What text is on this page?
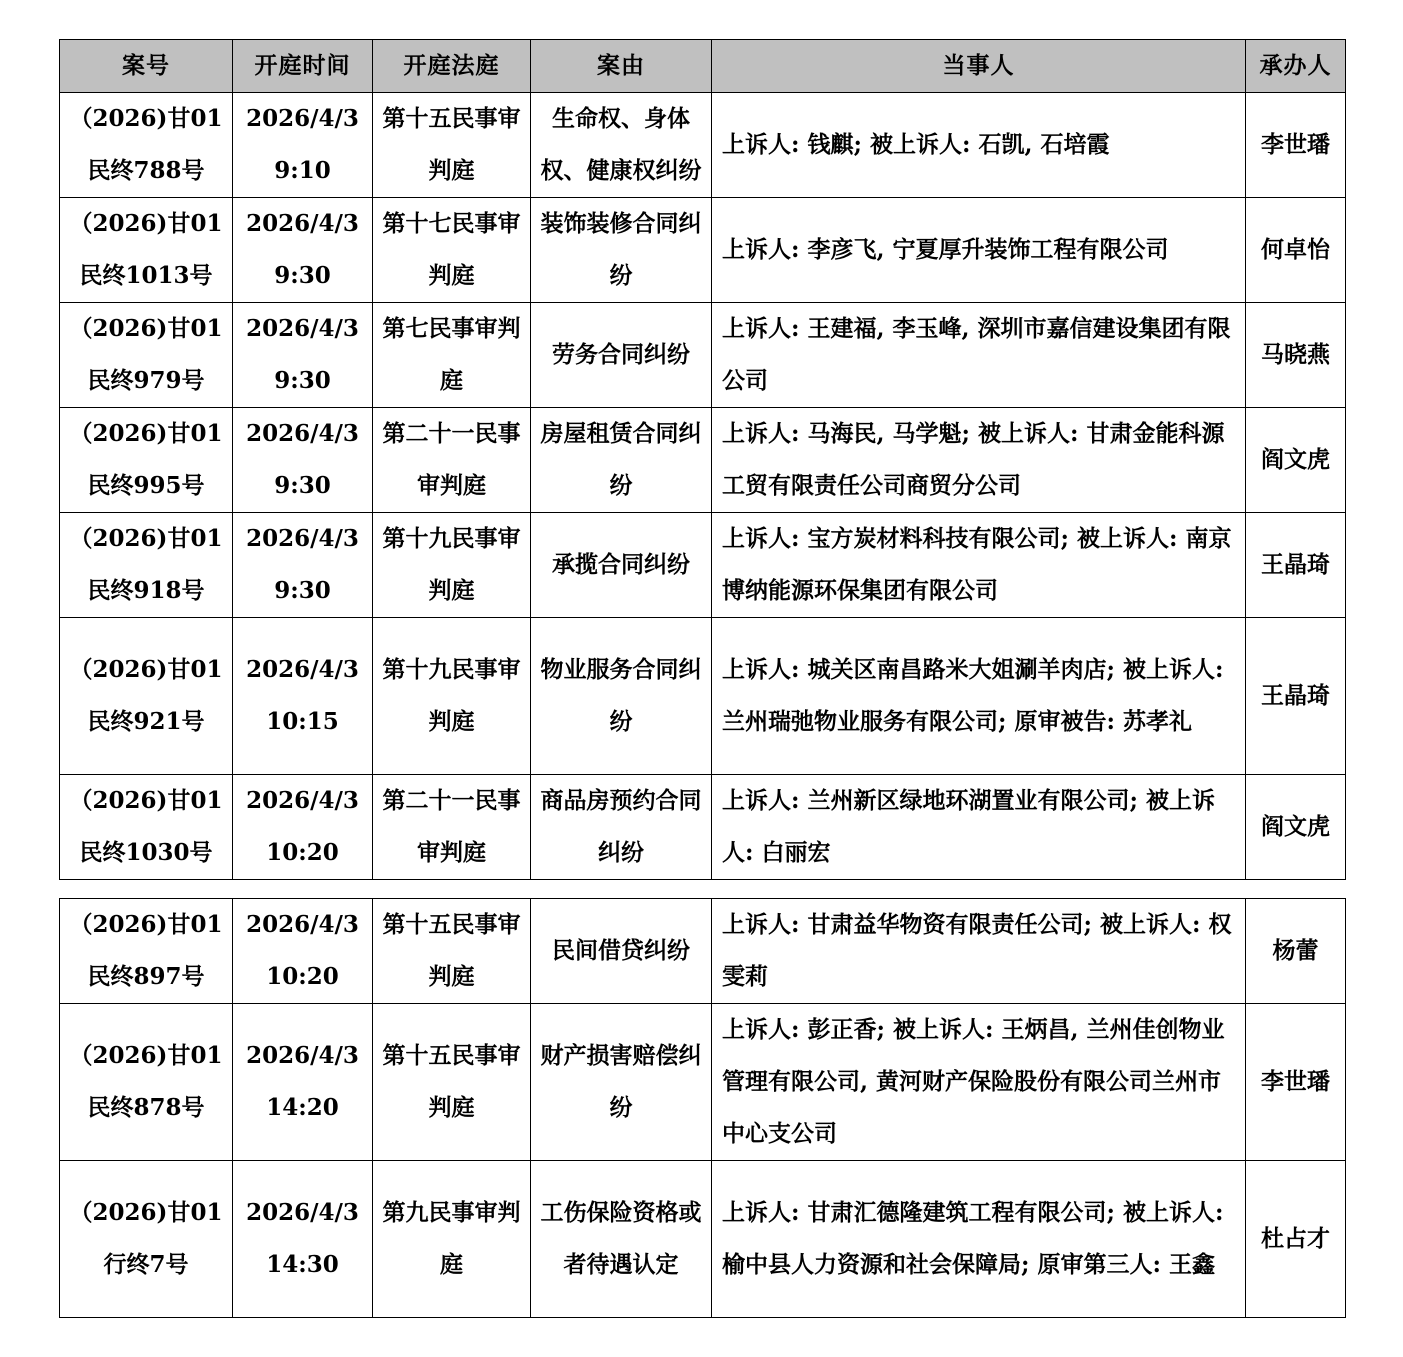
案号	开庭时间	开庭法庭	案由	当事人	承办人
（2026)甘01民终788号	2026/4/3 9:10	第十五民事审判庭	生命权、身体权、健康权纠纷	上诉人: 钱麒; 被上诉人: 石凯, 石培霞	李世璠
（2026)甘01民终1013号	2026/4/3 9:30	第十七民事审判庭	装饰装修合同纠纷	上诉人: 李彦飞, 宁夏厚升装饰工程有限公司	何卓怡
（2026)甘01民终979号	2026/4/3 9:30	第七民事审判庭	劳务合同纠纷	上诉人: 王建福, 李玉峰, 深圳市嘉信建设集团有限公司	马晓燕
（2026)甘01民终995号	2026/4/3 9:30	第二十一民事审判庭	房屋租赁合同纠纷	上诉人: 马海民, 马学魁; 被上诉人: 甘肃金能科源工贸有限责任公司商贸分公司	阎文虎
（2026)甘01民终918号	2026/4/3 9:30	第十九民事审判庭	承揽合同纠纷	上诉人: 宝方炭材料科技有限公司; 被上诉人: 南京博纳能源环保集团有限公司	王晶琦
（2026)甘01民终921号	2026/4/3 10:15	第十九民事审判庭	物业服务合同纠纷	上诉人: 城关区南昌路米大姐涮羊肉店; 被上诉人: 兰州瑞弛物业服务有限公司; 原审被告: 苏孝礼	王晶琦
（2026)甘01民终1030号	2026/4/3 10:20	第二十一民事审判庭	商品房预约合同纠纷	上诉人: 兰州新区绿地环湖置业有限公司; 被上诉人: 白丽宏	阎文虎
（2026)甘01民终897号	2026/4/3 10:20	第十五民事审判庭	民间借贷纠纷	上诉人: 甘肃益华物资有限责任公司; 被上诉人: 权雯莉	杨蕾
（2026)甘01民终878号	2026/4/3 14:20	第十五民事审判庭	财产损害赔偿纠纷	上诉人: 彭正香; 被上诉人: 王炳昌, 兰州佳创物业管理有限公司, 黄河财产保险股份有限公司兰州市中心支公司	李世璠
（2026)甘01行终7号	2026/4/3 14:30	第九民事审判庭	工伤保险资格或者待遇认定	上诉人: 甘肃汇德隆建筑工程有限公司; 被上诉人: 榆中县人力资源和社会保障局; 原审第三人: 王鑫	杜占才
